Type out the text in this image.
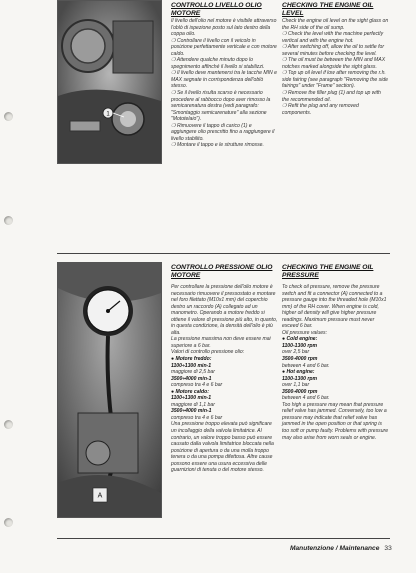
1
CONTROLLO LIVELLO OLIO MOTORE

Il livello dell'olio nel motore è visibile attraverso l'oblò di ispezione posto sul lato destro della coppa olio.

❍ Controllare il livello con il veicolo in posizione perfettamente verticale e con motore caldo.

❍ Attendere qualche minuto dopo lo spegnimento affinché il livello si stabilizzi.

❍ Il livello deve mantenersi tra le tacche MIN e MAX segnate in corrispondenza dell'oblò stesso.

❍ Se il livello risulta scarso è necessario procedere al rabbocco dopo aver rimosso la semicarenatura destra (vedi paragrafo: "Smontaggio semicarenature" alla sezione "Mototelaio").

❍ Rimuovere il tappo di carico (1) e aggiungere olio prescritto fino a raggiungere il livello stabilito.

❍ Montare il tappo e le strutture rimosse.

CHECKING THE ENGINE OIL LEVEL

Check the engine oil level on the sight glass on the RH side of the oil sump.

❍ Check the level with the machine perfectly vertical and with the engine hot.

❍ After switching off, allow the oil to settle for several minutes before checking the level.

❍ The oil must be between the MIN and MAX notches marked alongside the sight glass.

❍ Top up oil level if low after removing the r.h. side fairing (see paragraph "Removing the side fairings" under "Frame" section).

❍ Remove the filler plug (1) and top up with the recommended oil.

❍ Refit the plug and any removed components.

A
CONTROLLO PRESSIONE OLIO MOTORE

Per controllare la pressione dell'olio motore è necessario rimuovere il pressostato e montare nel foro filettato (M10x1 mm) del coperchio destro un raccordo (A) collegato ad un manometro. Operando a motore freddo si ottiene il valore di pressione più alto, in quanto, in questa condizione, la densità dell'olio è più alta.

La pressione massima non deve essere mai superiore a 6 bar.

Valori di controllo pressione olio:

● Motore freddo:

1100÷1300 min-1

maggiore di 2,5 bar

3500÷4000 min-1

compreso tra 4 e 6 bar

● Motore caldo:

1100÷1300 min-1

maggiore di 1,1 bar

3500÷4000 min-1

compreso tra 4 e 6 bar

Una pressione troppo elevata può significare un incollaggio della valvola limitatrice. Al contrario, un valore troppo basso può essere causato dalla valvola limitatrice bloccata nella posizione di apertura o da una molla troppo tenera o da una pompa difettosa. Altre cause possono essere una usura eccessiva delle guarnizioni di tenuta o del motore stesso.

CHECKING THE ENGINE OIL PRESSURE

To check oil pressure, remove the pressure switch and fit a connector (A) connected to a pressure gauge into the threaded hole (M10x1 mm) of the RH cover. When engine is cold, higher oil density will give higher pressure readings. Maximum pressure must never exceed 6 bar.

Oil pressure values:

● Cold engine:

1100-1300 rpm

over 2,5 bar

3500-4000 rpm

between 4 and 6 bar.

● Hot engine:

1100-1300 rpm

over 1,1 bar

3500-4000 rpm

between 4 and 6 bar.

Too high a pressure may mean that pressure relief valve has jammed. Conversely, too low a pressure may indicate that relief valve has jammed in the open position or that spring is too soft or pump faulty. Problems with pressure may also arise from worn seals or engine.

Manutenzione / Maintenance 33
